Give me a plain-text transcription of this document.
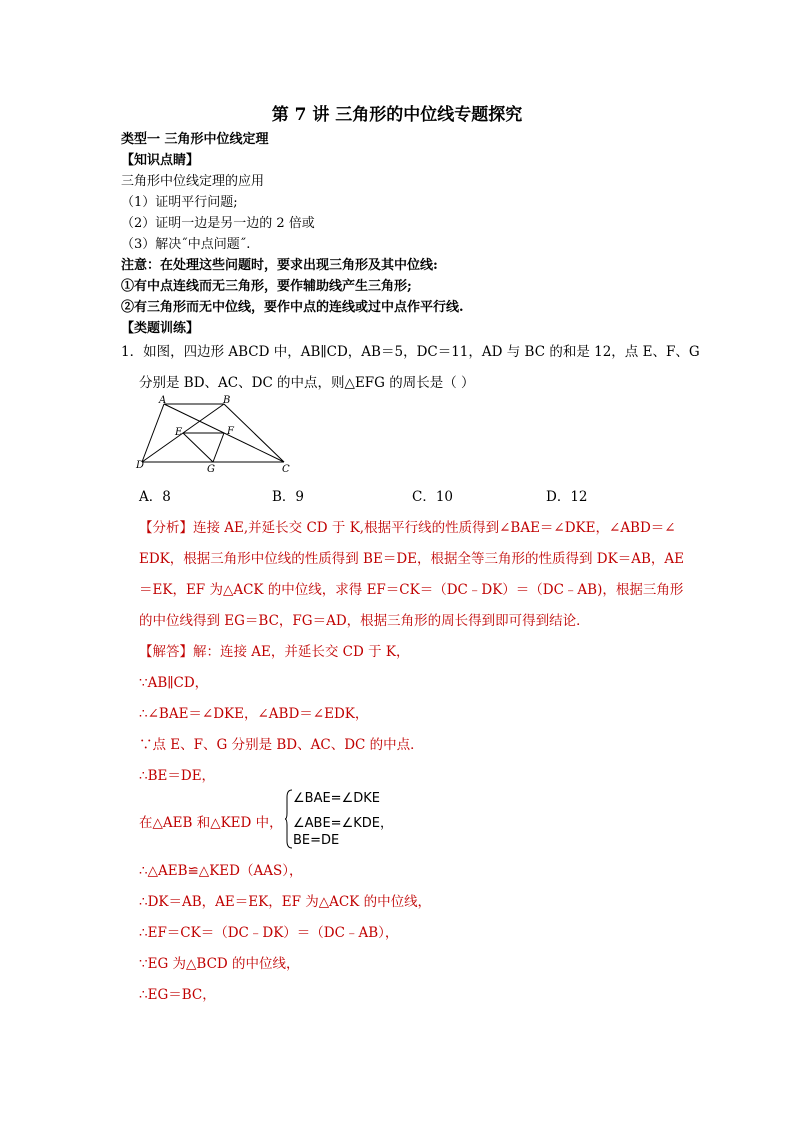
第 7 讲 三角形的中位线专题探究
类型一 三角形中位线定理
【知识点睛】
三角形中位线定理的应用
（1）证明平行问题;
（2）证明一边是另一边的 2 倍或
（3）解决˝中点问题˝.
注意：在处理这些问题时，要求出现三角形及其中位线:
①有中点连线而无三角形，要作辅助线产生三角形;
②有三角形而无中位线，要作中点的连线或过中点作平行线.
【类题训练】
1．如图，四边形 ABCD 中，AB∥CD，AB＝5，DC＝11，AD 与 BC 的和是 12，点 E、F、G
分别是 BD、AC、DC 的中点，则△EFG 的周长是（ ）
A	B
C
D
E	F
G
A．8	B．9	C．10	D．12
【分析】连接 AE,并延长交 CD 于 K,根据平行线的性质得到∠BAE＝∠DKE，∠ABD＝∠
EDK，根据三角形中位线的性质得到 BE＝DE，根据全等三角形的性质得到 DK＝AB，AE
＝EK，EF 为△ACK 的中位线，求得 EF＝CK＝（DC﹣DK）＝（DC﹣AB)，根据三角形
的中位线得到 EG＝BC，FG＝AD，根据三角形的周长得到即可得到结论．
【解答】解：连接 AE，并延长交 CD 于 K，
∵AB∥CD，
∴∠BAE＝∠DKE，∠ABD＝∠EDK，
∵点 E、F、G 分别是 BD、AC、DC 的中点．
∴BE＝DE，
在△AEB 和△KED 中，
∠BAE=∠DKE
∠ABE=∠KDE，
BE=DE
∴△AEB≌△KED（AAS），
∴DK＝AB，AE＝EK，EF 为△ACK 的中位线，
∴EF＝CK＝（DC﹣DK）＝（DC﹣AB），
∵EG 为△BCD 的中位线，
∴EG＝BC，
